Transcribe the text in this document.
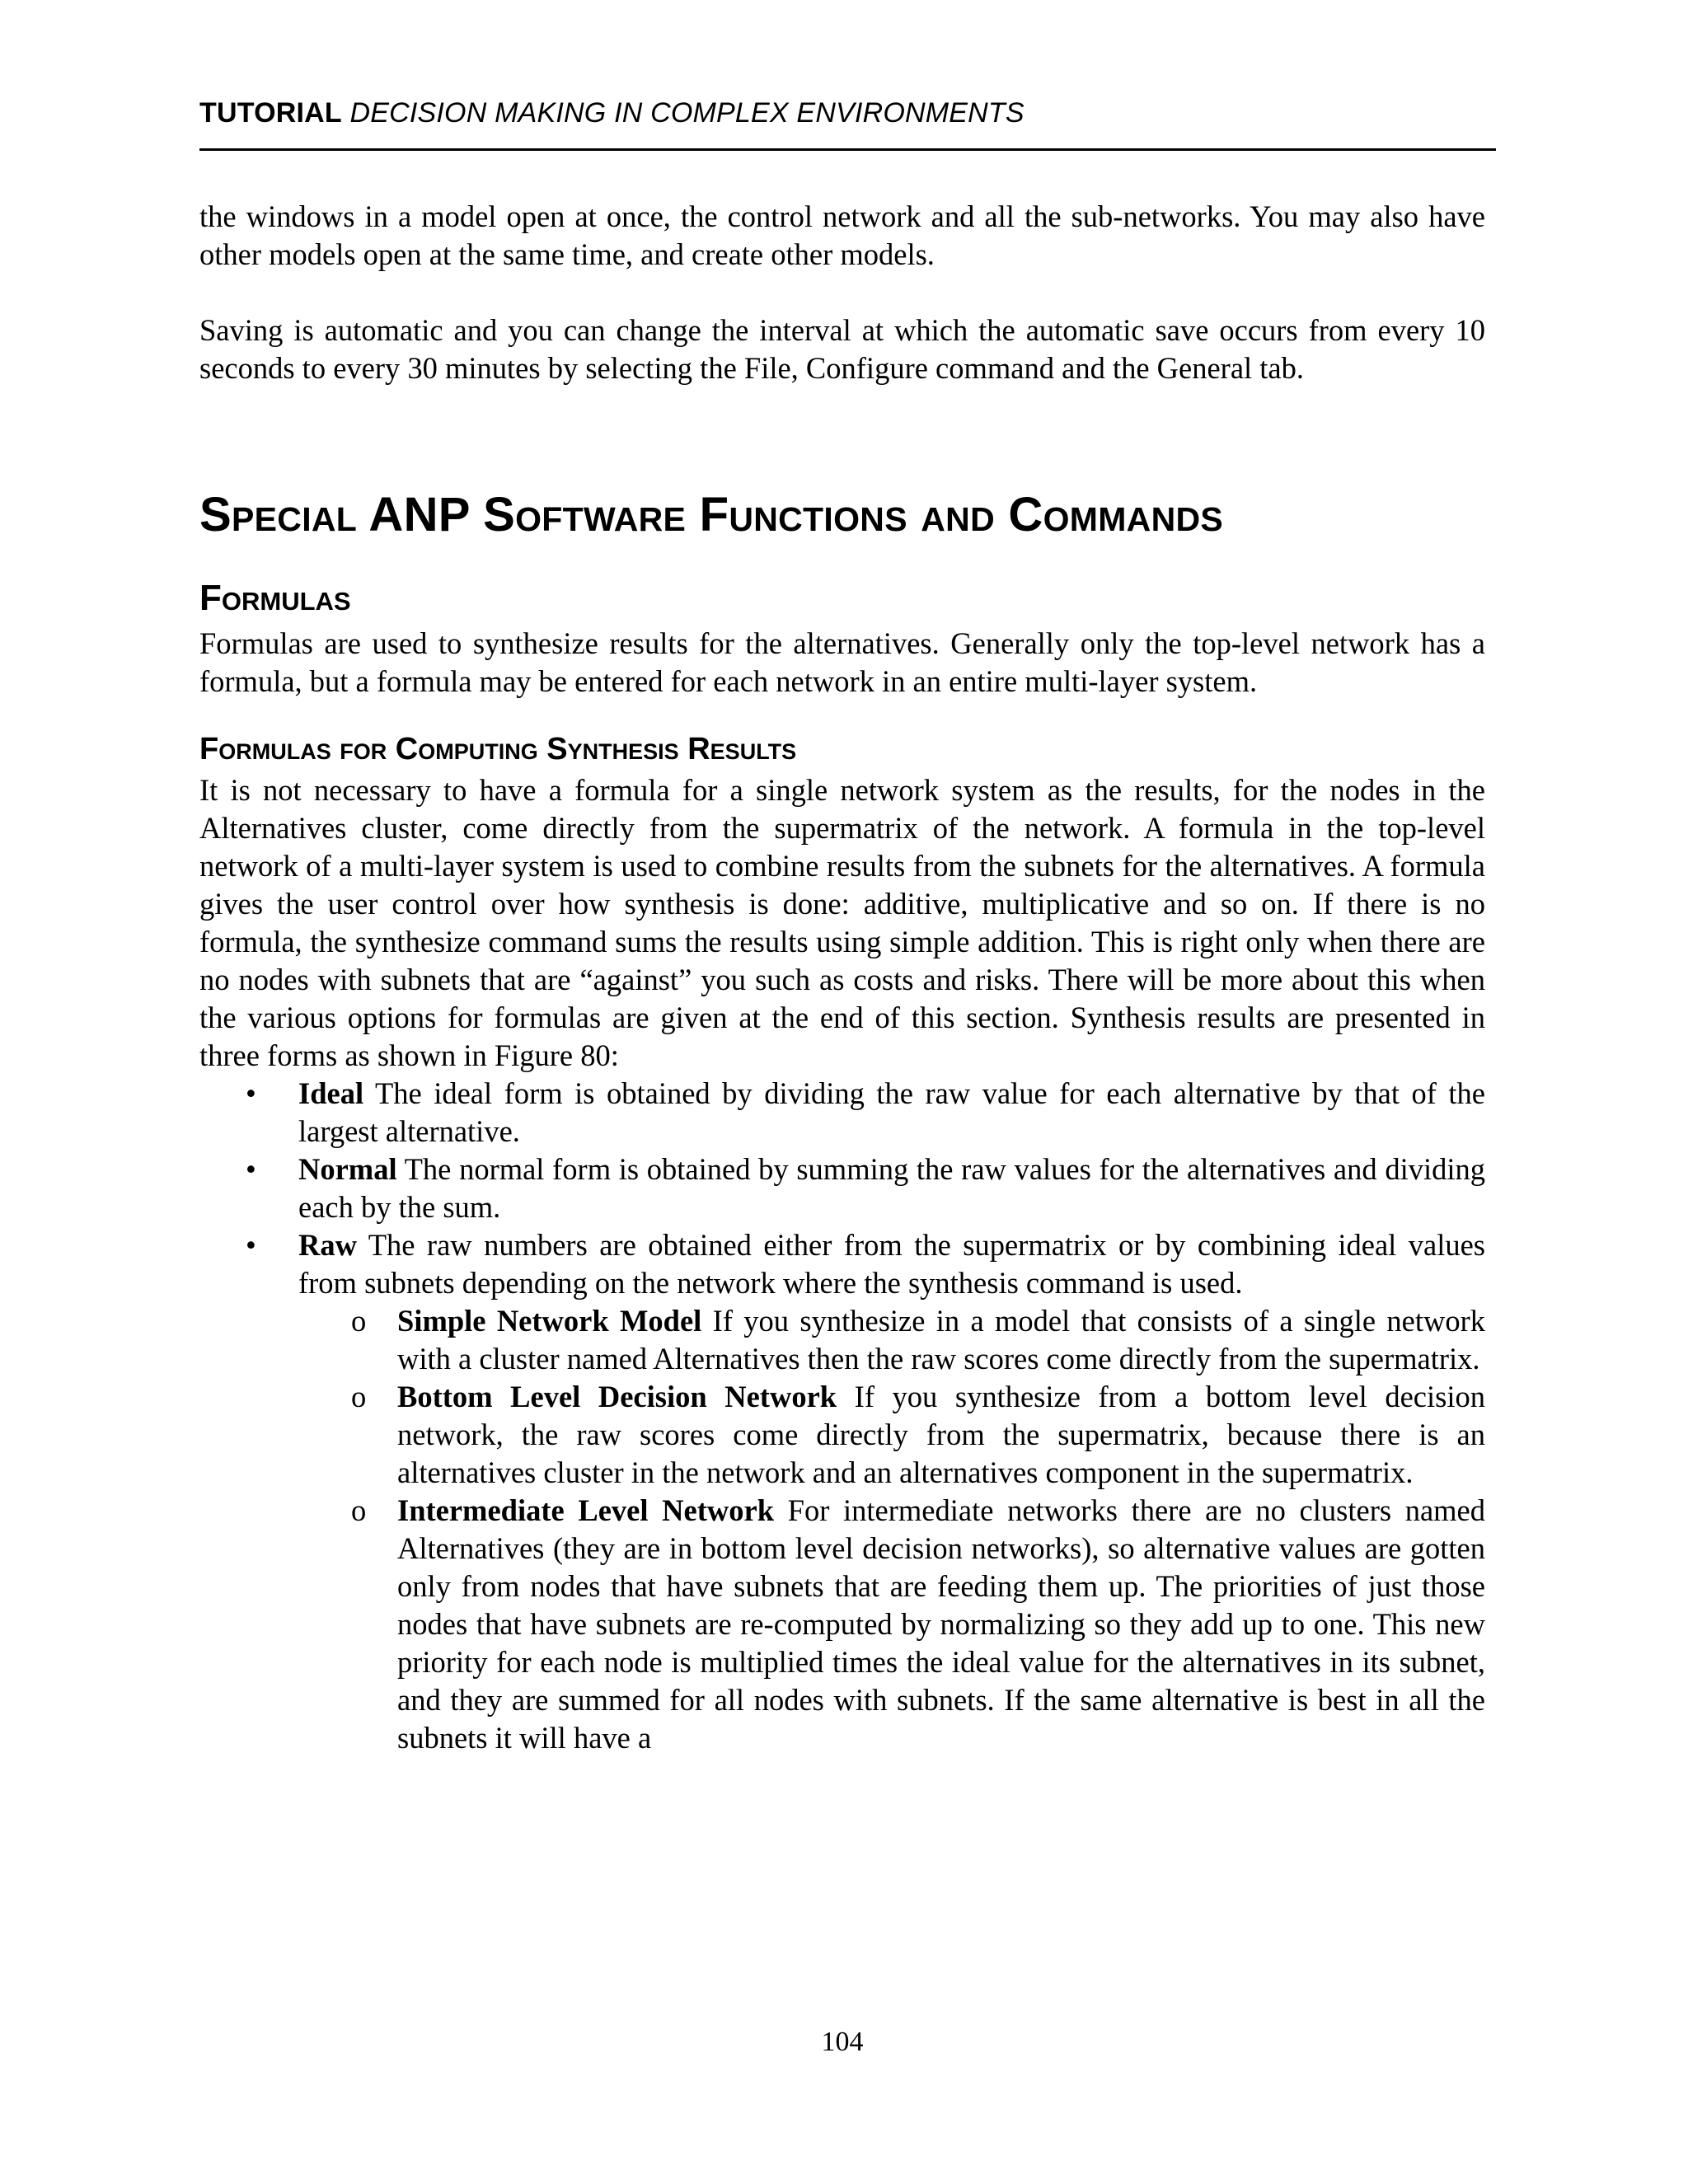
TUTORIAL DECISION MAKING IN COMPLEX ENVIRONMENTS

the windows in a model open at once, the control network and all the sub-networks. You may also have other models open at the same time, and create other models.

Saving is automatic and you can change the interval at which the automatic save occurs from every 10 seconds to every 30 minutes by selecting the File, Configure command and the General tab.

Special ANP Software Functions and Commands
Formulas

Formulas are used to synthesize results for the alternatives. Generally only the top-level network has a formula, but a formula may be entered for each network in an entire multi-layer system.

Formulas for Computing Synthesis Results

It is not necessary to have a formula for a single network system as the results, for the nodes in the Alternatives cluster, come directly from the supermatrix of the network. A formula in the top-level network of a multi-layer system is used to combine results from the subnets for the alternatives. A formula gives the user control over how synthesis is done: additive, multiplicative and so on. If there is no formula, the synthesize command sums the results using simple addition. This is right only when there are no nodes with subnets that are “against” you such as costs and risks. There will be more about this when the various options for formulas are given at the end of this section. Synthesis results are presented in three forms as shown in Figure 80:

• Ideal The ideal form is obtained by dividing the raw value for each alternative by that of the largest alternative.

• Normal The normal form is obtained by summing the raw values for the alternatives and dividing each by the sum.

• Raw The raw numbers are obtained either from the supermatrix or by combining ideal values from subnets depending on the network where the synthesis command is used.

o Simple Network Model If you synthesize in a model that consists of a single network with a cluster named Alternatives then the raw scores come directly from the supermatrix.

o Bottom Level Decision Network If you synthesize from a bottom level decision network, the raw scores come directly from the supermatrix, because there is an alternatives cluster in the network and an alternatives component in the supermatrix.

o Intermediate Level Network For intermediate networks there are no clusters named Alternatives (they are in bottom level decision networks), so alternative values are gotten only from nodes that have subnets that are feeding them up. The priorities of just those nodes that have subnets are re-computed by normalizing so they add up to one. This new priority for each node is multiplied times the ideal value for the alternatives in its subnet, and they are summed for all nodes with subnets. If the same alternative is best in all the subnets it will have a

104
